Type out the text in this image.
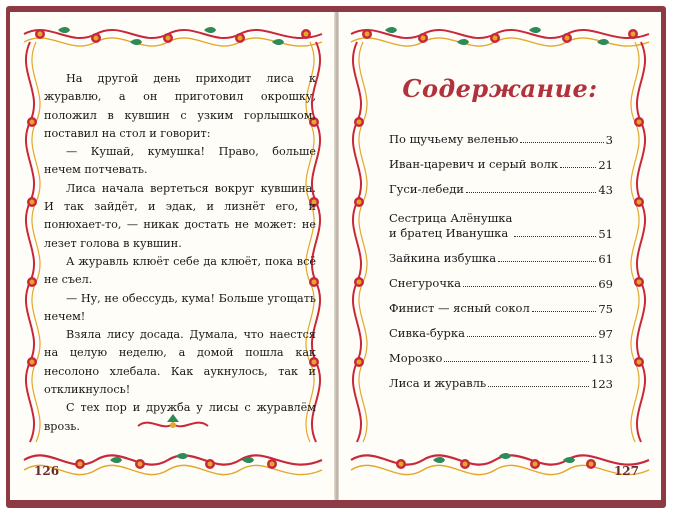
На другой день приходит лиса к журавлю, а он приготовил окрошку, положил в кувшин с узким горлышком, поставил на стол и говорит:

— Кушай, кумушка! Право, больше нечем потчевать.

Лиса начала вертеться вокруг кувшина. И так зайдёт, и эдак, и лизнёт его, и понюхает-то, — никак достать не может: не лезет голова в кувшин.

А журавль клюёт себе да клюёт, пока всё не съел.

— Ну, не обессудь, кума! Больше угощать нечем!

Взяла лису досада. Думала, что наестся на целую неделю, а домой пошла как несолоно хлебала. Как аукнулось, так и откликнулось!

С тех пор и дружба у лисы с журавлём врозь.

126
Содержание:
По щучьему веленью	3
Иван-царевич и серый волк	21
Гуси-лебеди	43
Сестрица Алёнушка
и братец Иванушка	51
Зайкина избушка	61
Снегурочка	69
Финист — ясный сокол	75
Сивка-бурка	97
Морозко	113
Лиса и журавль	123
127
